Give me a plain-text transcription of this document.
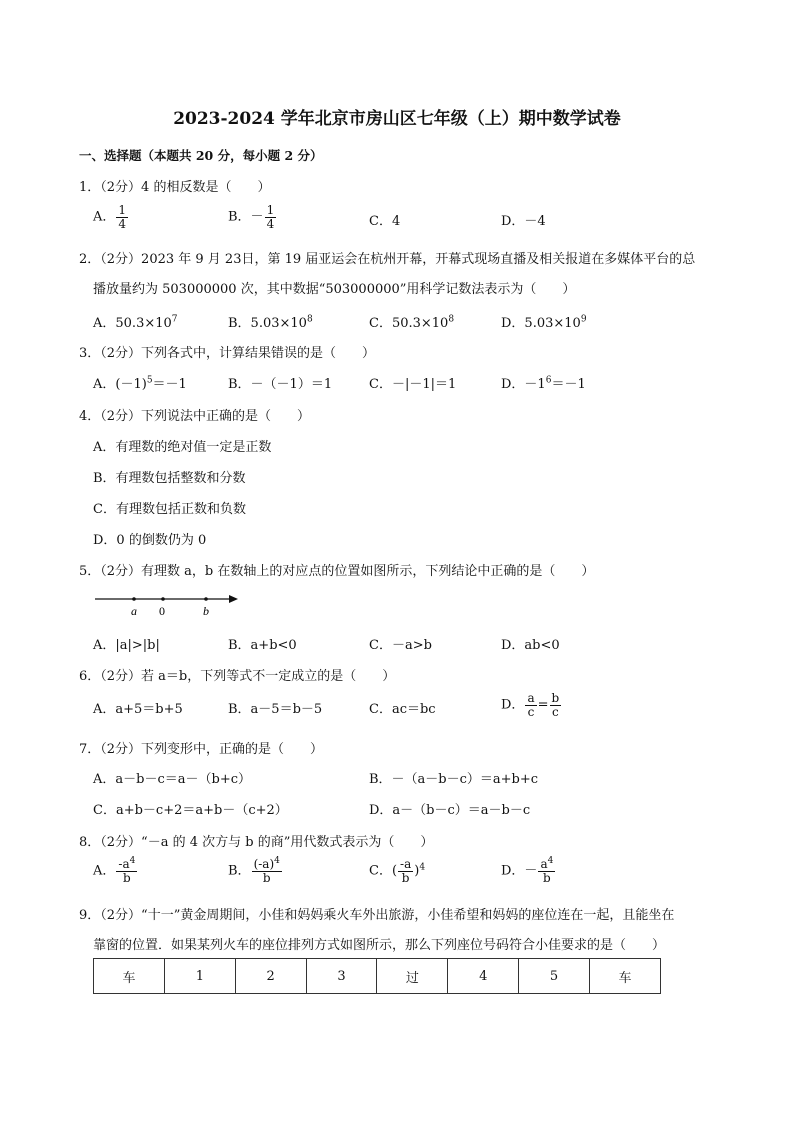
2023-2024 学年北京市房山区七年级（上）期中数学试卷
一、选择题（本题共 20 分，每小题 2 分）
1．（2分）4 的相反数是（　　）
A． $\frac{1}{4}$	B．－ $\frac{1}{4}$	C．4	D．－4
2．（2分）2023 年 9 月 23日，第 19 届亚运会在杭州开幕，开幕式现场直播及相关报道在多媒体平台的总
播放量约为 503000000 次，其中数据“503000000”用科学记数法表示为（　　）
A．$50.3\times 10^7$	B．$5.03\times 10^8$	C．$50.3\times 10^8$	D．$5.03\times 10^9$
3．（2分）下列各式中，计算结果错误的是（　　）
A．$(-1)^5=-1$	B．－（－1）＝1	C．－|－1|＝1	D．$-1^6=-1$
4．（2分）下列说法中正确的是（　　）
A．有理数的绝对值一定是正数
B．有理数包括整数和分数
C．有理数包括正数和负数
D．0 的倒数仍为 0
5．（2分）有理数 a，b 在数轴上的对应点的位置如图所示，下列结论中正确的是（　　）
a 0	b
A．|a|>|b|	B．a+b<0	C．－a>b	D．ab<0
6．（2分）若 a＝b，下列等式不一定成立的是（　　）
A．a+5＝b+5	B．a－5＝b－5	C．ac＝bc	D． $\frac{a}{c} = \frac{b}{c}$
7．（2分）下列变形中，正确的是（　　）
A．a－b－c＝a－（b+c）	B．－（a－b－c）＝a+b+c
C．a+b－c+2＝a+b－（c+2）	D．a－（b－c）＝a－b－c
8．（2分）“－a 的 4 次方与 b 的商”用代数式表示为（　　）
A． $\frac{-a^4}{b}$	B． $\frac{(-a)^4}{b}$	C．( $\frac{-a}{b} )^4$	D．－ $\frac{a^4}{b}$
9．（2分）“十一”黄金周期间，小佳和妈妈乘火车外出旅游，小佳希望和妈妈的座位连在一起，且能坐在
靠窗的位置．如果某列火车的座位排列方式如图所示，那么下列座位号码符合小佳要求的是（　　）
车	1	2	3	过	4	5	车
